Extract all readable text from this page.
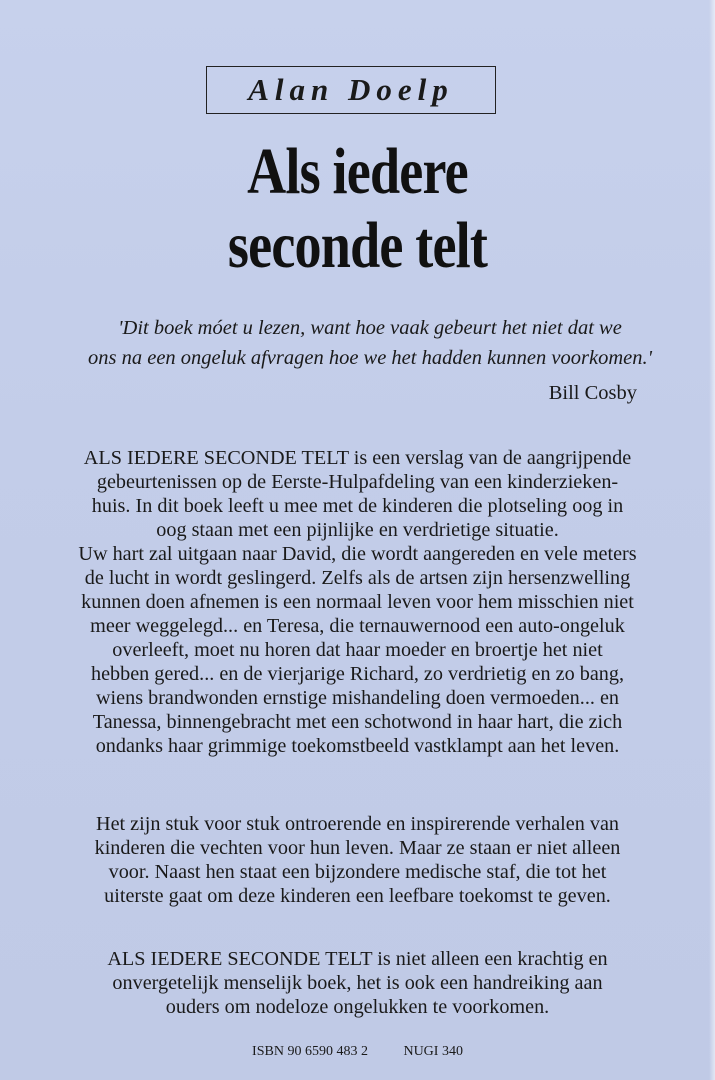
Alan Doelp
Als iedere
seconde telt
'Dit boek móet u lezen, want hoe vaak gebeurt het niet dat we
ons na een ongeluk afvragen hoe we het hadden kunnen voorkomen.'
Bill Cosby
ALS IEDERE SECONDE TELT is een verslag van de aangrijpende
gebeurtenissen op de Eerste-Hulpafdeling van een kinderzieken-
huis. In dit boek leeft u mee met de kinderen die plotseling oog in
oog staan met een pijnlijke en verdrietige situatie.
Uw hart zal uitgaan naar David, die wordt aangereden en vele meters
de lucht in wordt geslingerd. Zelfs als de artsen zijn hersenzwelling
kunnen doen afnemen is een normaal leven voor hem misschien niet
meer weggelegd... en Teresa, die ternauwernood een auto-ongeluk
overleeft, moet nu horen dat haar moeder en broertje het niet
hebben gered... en de vierjarige Richard, zo verdrietig en zo bang,
wiens brandwonden ernstige mishandeling doen vermoeden... en
Tanessa, binnengebracht met een schotwond in haar hart, die zich
ondanks haar grimmige toekomstbeeld vastklampt aan het leven.
Het zijn stuk voor stuk ontroerende en inspirerende verhalen van
kinderen die vechten voor hun leven. Maar ze staan er niet alleen
voor. Naast hen staat een bijzondere medische staf, die tot het
uiterste gaat om deze kinderen een leefbare toekomst te geven.
ALS IEDERE SECONDE TELT is niet alleen een krachtig en
onvergetelijk menselijk boek, het is ook een handreiking aan
ouders om nodeloze ongelukken te voorkomen.
ISBN 90 6590 483 2	NUGI 340
